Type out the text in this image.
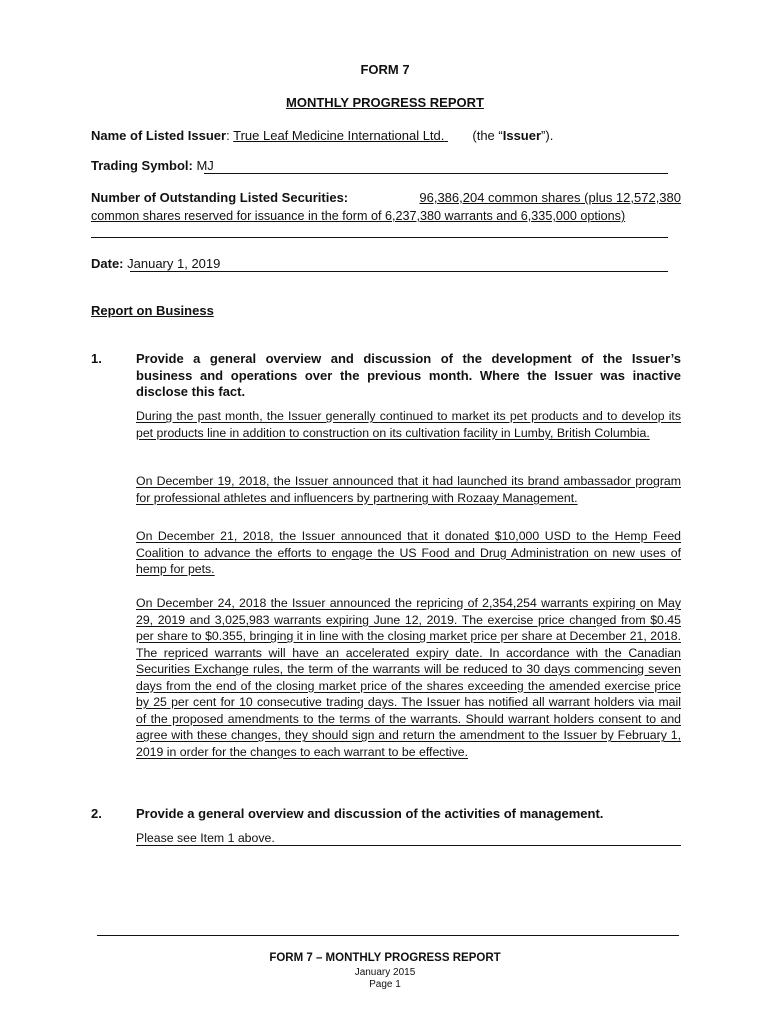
FORM 7
MONTHLY PROGRESS REPORT
Name of Listed Issuer: True Leaf Medicine International Ltd. (the “Issuer”).
Trading Symbol: MJ
Number of Outstanding Listed Securities:	96,386,204 common shares (plus 12,572,380
common shares reserved for issuance in the form of 6,237,380 warrants and 6,335,000 options)
Date: January 1, 2019
Report on Business
1.	Provide a general overview and discussion of the development of the Issuer’s
business and operations over the previous month. Where the Issuer was inactive
disclose this fact.
During the past month, the Issuer generally continued to market its pet products and to develop its pet products line in addition to construction on its cultivation facility in Lumby, British Columbia.
On December 19, 2018, the Issuer announced that it had launched its brand ambassador program for professional athletes and influencers by partnering with Rozaay Management.
On December 21, 2018, the Issuer announced that it donated $10,000 USD to the Hemp Feed Coalition to advance the efforts to engage the US Food and Drug Administration on new uses of hemp for pets.
On December 24, 2018 the Issuer announced the repricing of 2,354,254 warrants expiring on May 29, 2019 and 3,025,983 warrants expiring June 12, 2019. The exercise price changed from $0.45 per share to $0.355, bringing it in line with the closing market price per share at December 21, 2018. The repriced warrants will have an accelerated expiry date. In accordance with the Canadian Securities Exchange rules, the term of the warrants will be reduced to 30 days commencing seven days from the end of the closing market price of the shares exceeding the amended exercise price by 25 per cent for 10 consecutive trading days. The Issuer has notified all warrant holders via mail of the proposed amendments to the terms of the warrants. Should warrant holders consent to and agree with these changes, they should sign and return the amendment to the Issuer by February 1, 2019 in order for the changes to each warrant to be effective.
2.	Provide a general overview and discussion of the activities of management.
Please see Item 1 above.
FORM 7 – MONTHLY PROGRESS REPORT
January 2015
Page 1
